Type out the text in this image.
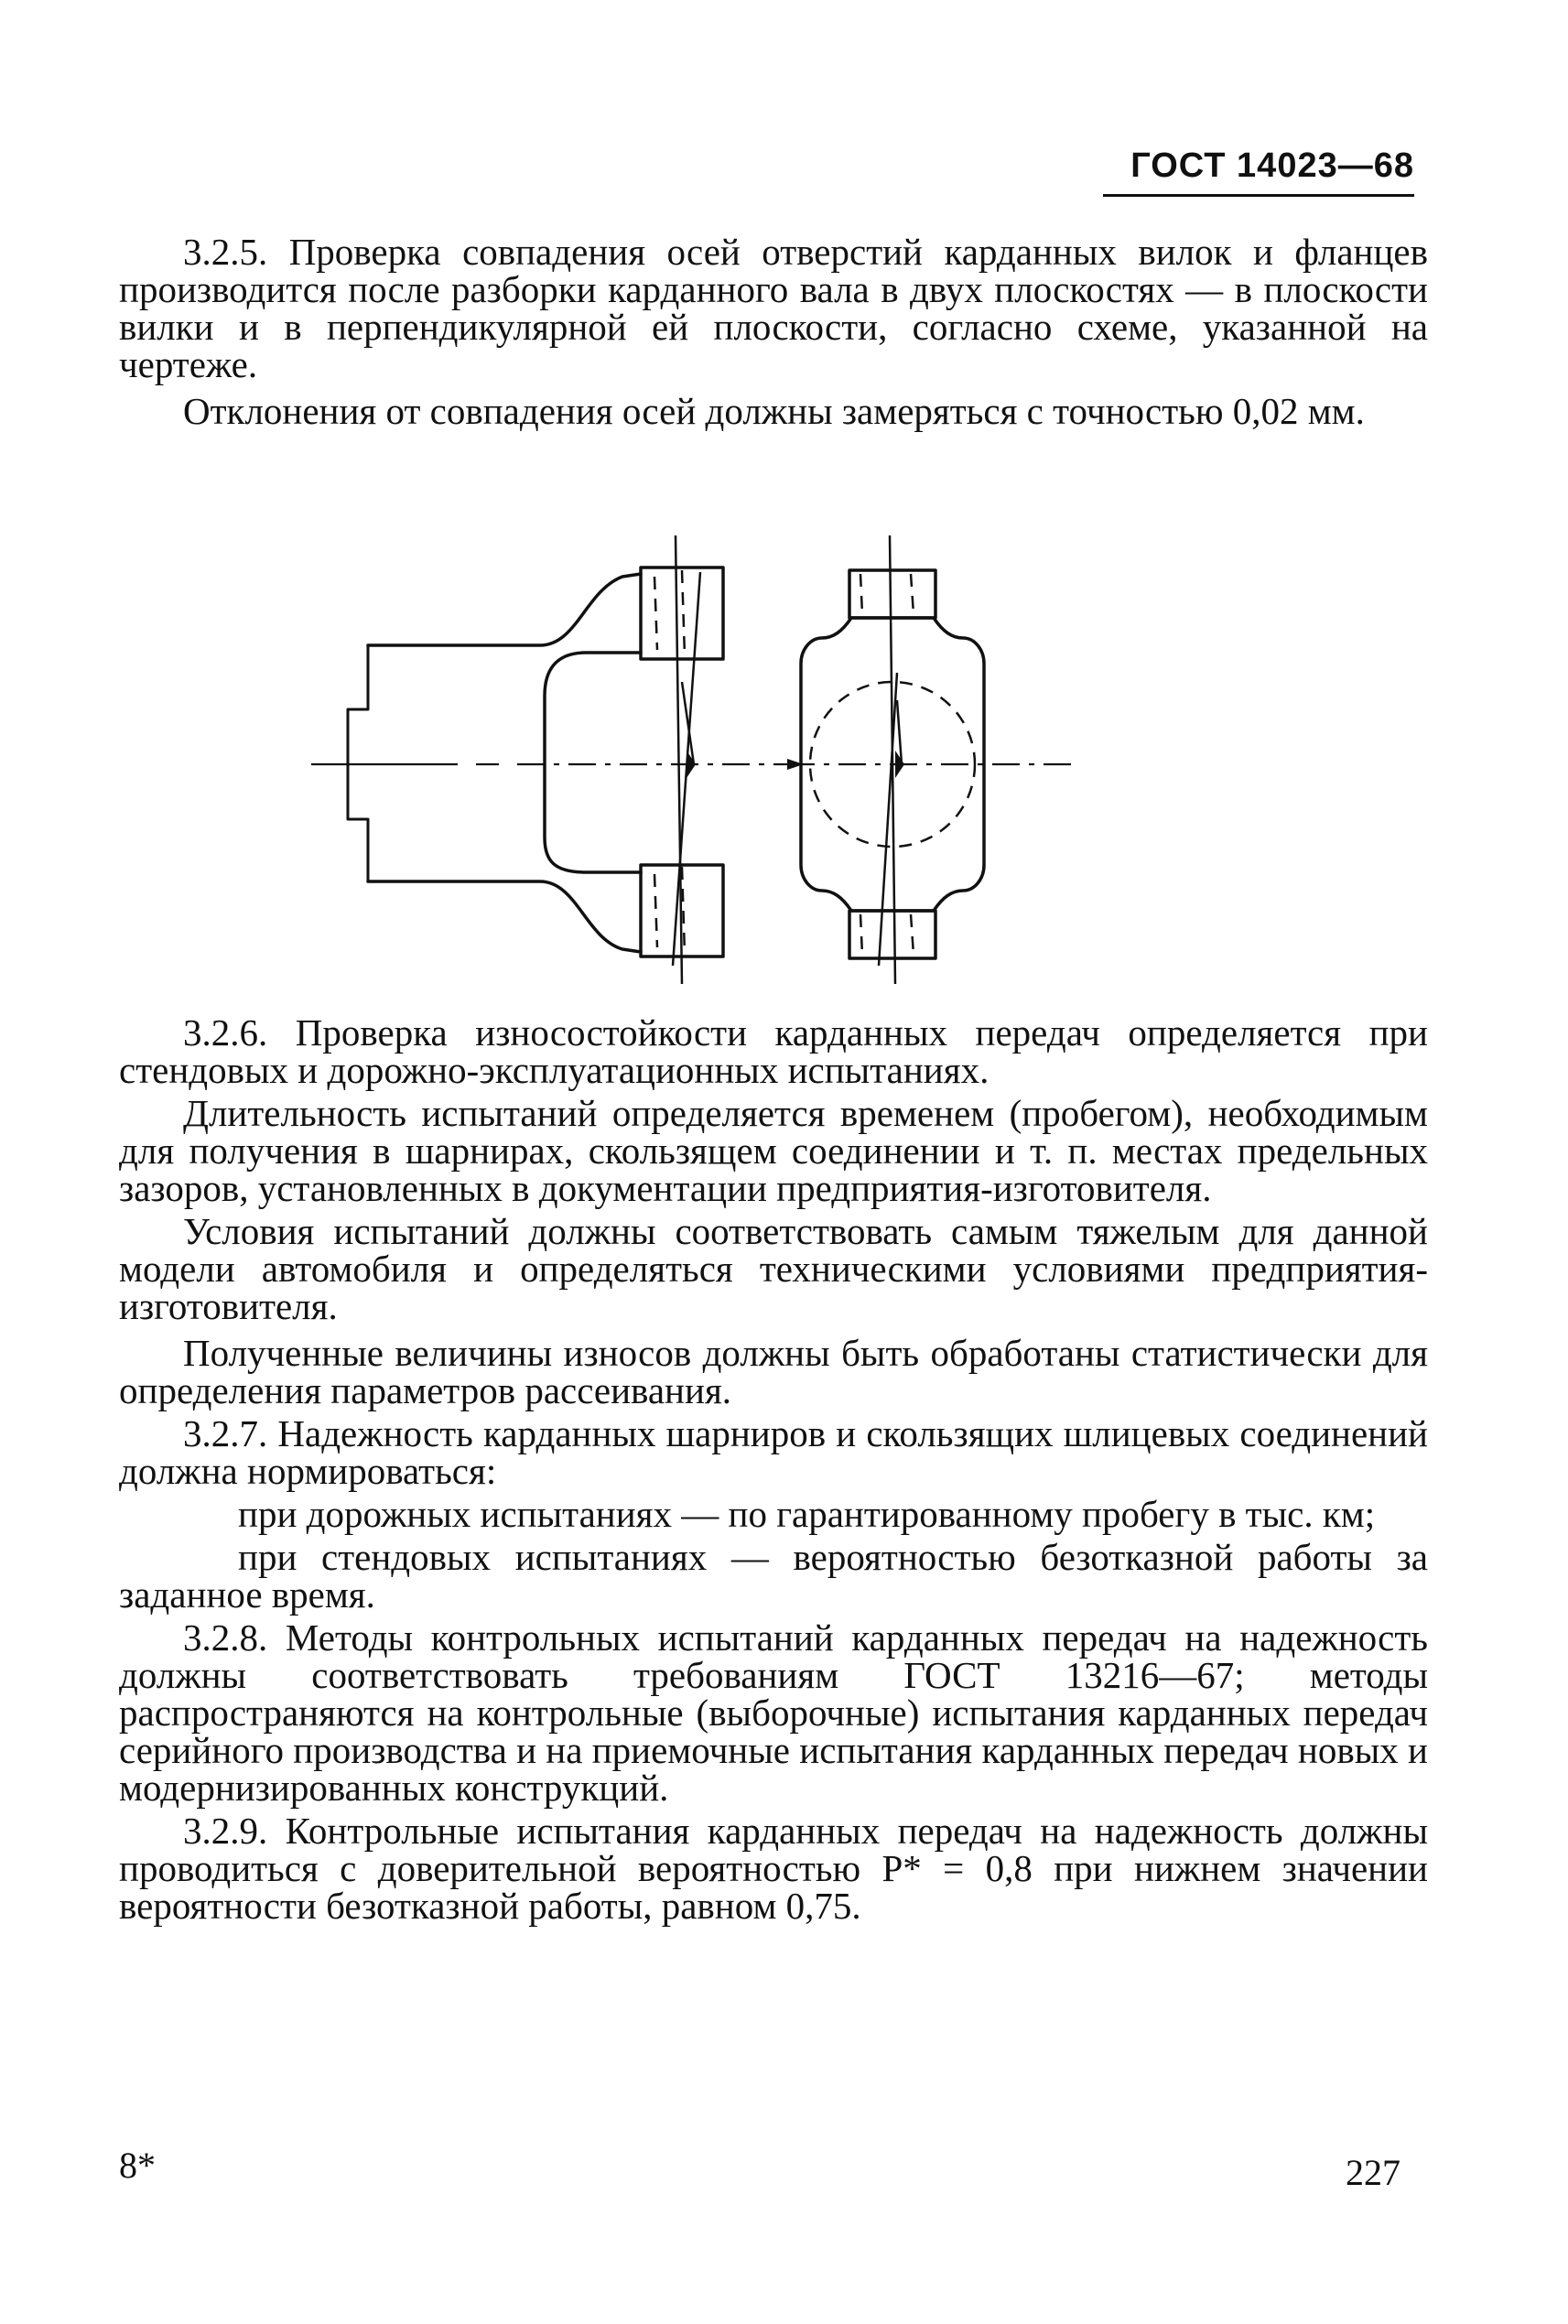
ГОСТ 14023—68

3.2.5. Проверка совпадения осей отверстий карданных вилок и фланцев производится после разборки карданного вала в двух плоскостях — в плоскости вилки и в перпендикулярной ей плоскости, согласно схеме, указанной на чертеже.

Отклонения от совпадения осей должны замеряться с точностью 0,02 мм.

3.2.6. Проверка износостойкости карданных передач определяется при стендовых и дорожно-эксплуатационных испытаниях.

Длительность испытаний определяется временем (пробегом), необходимым для получения в шарнирах, скользящем соединении и т. п. местах предельных зазоров, установленных в документации предприятия-изготовителя.

Условия испытаний должны соответствовать самым тяжелым для данной модели автомобиля и определяться техническими условиями предприятия-изготовителя.

Полученные величины износов должны быть обработаны статистически для определения параметров рассеивания.

3.2.7. Надежность карданных шарниров и скользящих шлицевых соединений должна нормироваться:

при дорожных испытаниях — по гарантированному пробегу в тыс. км;

при стендовых испытаниях — вероятностью безотказной работы за заданное время.

3.2.8. Методы контрольных испытаний карданных передач на надежность должны соответствовать требованиям ГОСТ 13216—67; методы распространяются на контрольные (выборочные) испытания карданных передач серийного производства и на приемочные испытания карданных передач новых и модернизированных конструкций.

3.2.9. Контрольные испытания карданных передач на надежность должны проводиться с доверительной вероятностью P* = 0,8 при нижнем значении вероятности безотказной работы, равном 0,75.

8*	227
